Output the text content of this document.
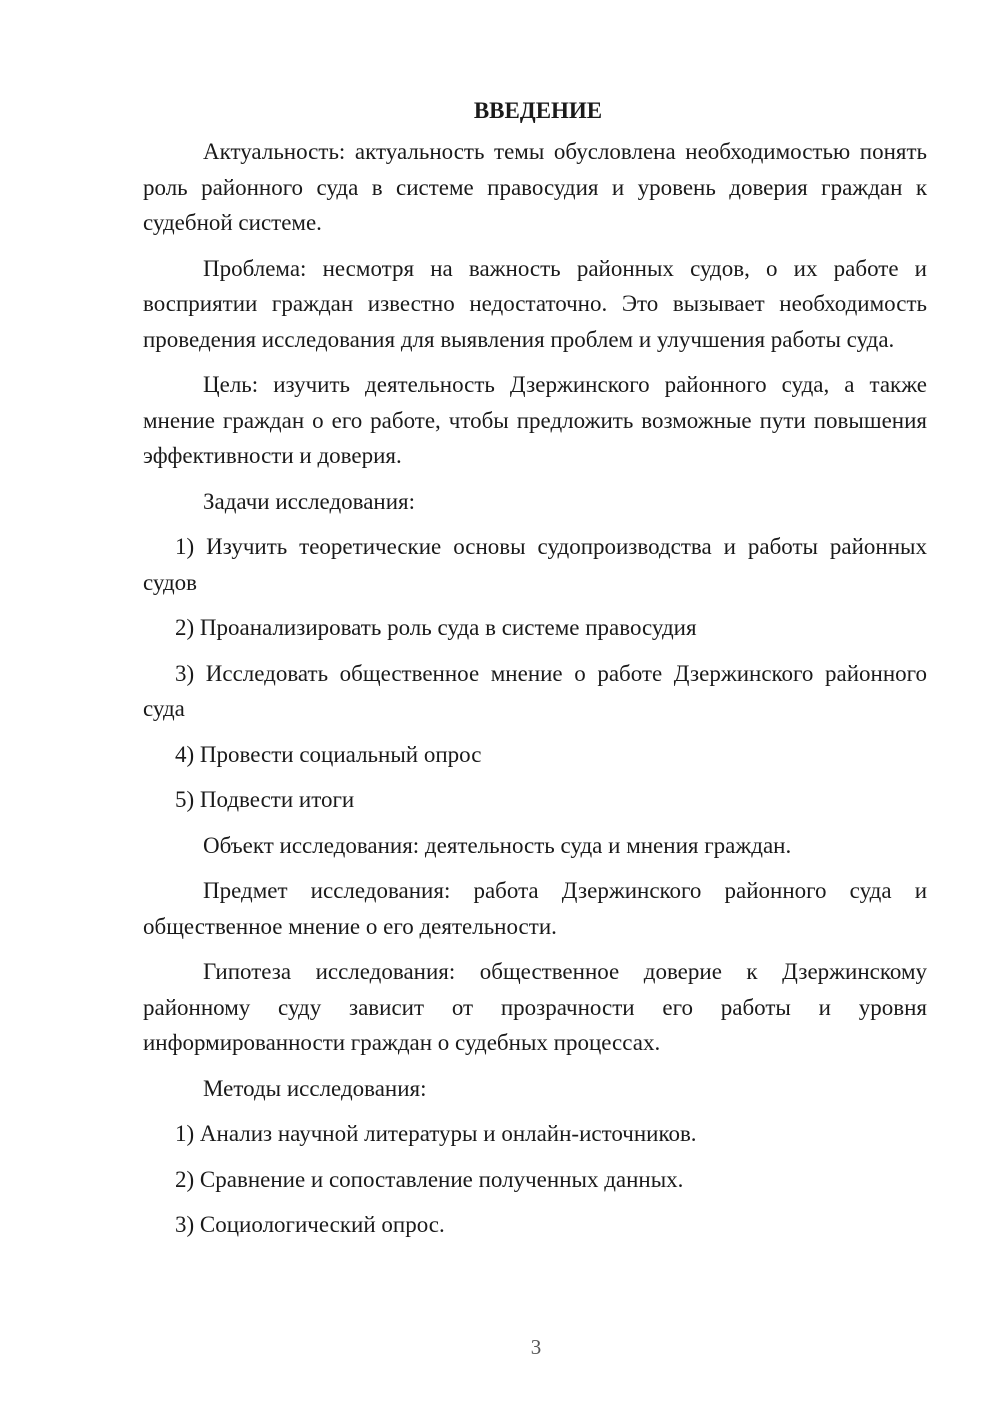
ВВЕДЕНИЕ

Актуальность: актуальность темы обусловлена необходимостью понять роль районного суда в системе правосудия и уровень доверия граждан к судебной системе.

Проблема: несмотря на важность районных судов, о их работе и восприятии граждан известно недостаточно. Это вызывает необходимость проведения исследования для выявления проблем и улучшения работы суда.

Цель: изучить деятельность Дзержинского районного суда, а также мнение граждан о его работе, чтобы предложить возможные пути повышения эффективности и доверия.

Задачи исследования:

1) Изучить теоретические основы судопроизводства и работы районных судов

2) Проанализировать роль суда в системе правосудия

3) Исследовать общественное мнение о работе Дзержинского районного суда

4) Провести социальный опрос

5) Подвести итоги

Объект исследования: деятельность суда и мнения граждан.

Предмет исследования: работа Дзержинского районного суда и общественное мнение о его деятельности.

Гипотеза исследования: общественное доверие к Дзержинскому районному суду зависит от прозрачности его работы и уровня информированности граждан о судебных процессах.

Методы исследования:

1) Анализ научной литературы и онлайн-источников.

2) Сравнение и сопоставление полученных данных.

3) Социологический опрос.

3
